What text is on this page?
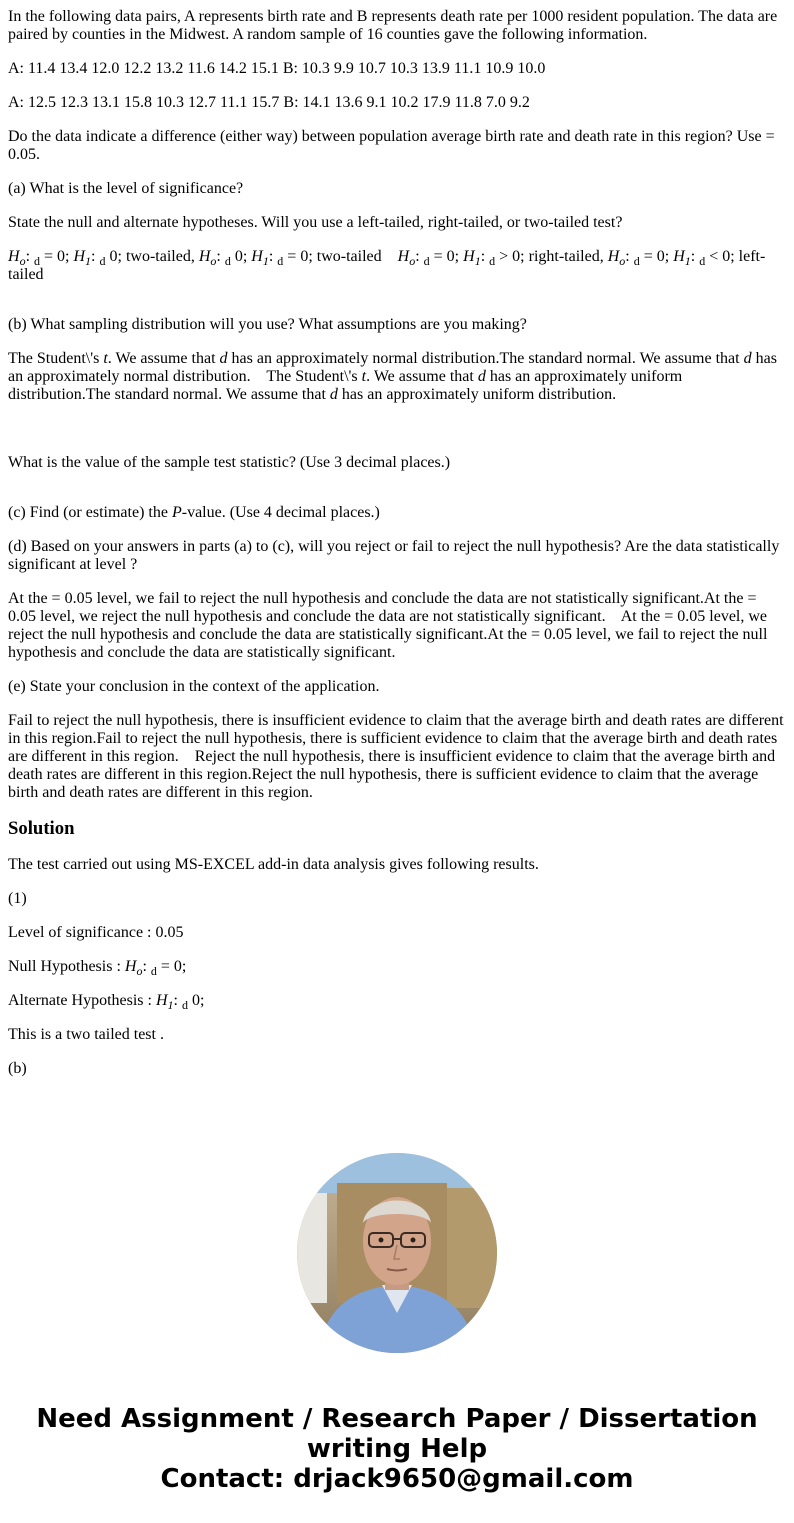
In the following data pairs, A represents birth rate and B represents death rate per 1000 resident population. The data are paired by counties in the Midwest. A random sample of 16 counties gave the following information.

A: 11.4 13.4 12.0 12.2 13.2 11.6 14.2 15.1 B: 10.3 9.9 10.7 10.3 13.9 11.1 10.9 10.0

A: 12.5 12.3 13.1 15.8 10.3 12.7 11.1 15.7 B: 14.1 13.6 9.1 10.2 17.9 11.8 7.0 9.2

Do the data indicate a difference (either way) between population average birth rate and death rate in this region? Use = 0.05.

(a) What is the level of significance?

State the null and alternate hypotheses. Will you use a left-tailed, right-tailed, or two-tailed test?

$H_o$: $_d$ = 0; $H_1$: $_d$ 0; two-tailed, $H_o$: $_d$ 0; $H_1$: $_d$ = 0; two-tailed    $H_o$: $_d$ = 0; $H_1$: $_d$ > 0; right-tailed, $H_o$: $_d$ = 0; $H_1$: $_d$ < 0; left-tailed

(b) What sampling distribution will you use? What assumptions are you making?

The Student\'s t. We assume that d has an approximately normal distribution.The standard normal. We assume that d has an approximately normal distribution.    The Student\'s t. We assume that d has an approximately uniform distribution.The standard normal. We assume that d has an approximately uniform distribution.

What is the value of the sample test statistic? (Use 3 decimal places.)

(c) Find (or estimate) the P-value. (Use 4 decimal places.)

(d) Based on your answers in parts (a) to (c), will you reject or fail to reject the null hypothesis? Are the data statistically significant at level ?

At the = 0.05 level, we fail to reject the null hypothesis and conclude the data are not statistically significant.At the = 0.05 level, we reject the null hypothesis and conclude the data are not statistically significant.    At the = 0.05 level, we reject the null hypothesis and conclude the data are statistically significant.At the = 0.05 level, we fail to reject the null hypothesis and conclude the data are statistically significant.

(e) State your conclusion in the context of the application.

Fail to reject the null hypothesis, there is insufficient evidence to claim that the average birth and death rates are different in this region.Fail to reject the null hypothesis, there is sufficient evidence to claim that the average birth and death rates are different in this region.    Reject the null hypothesis, there is insufficient evidence to claim that the average birth and death rates are different in this region.Reject the null hypothesis, there is sufficient evidence to claim that the average birth and death rates are different in this region.

Solution

The test carried out using MS-EXCEL add-in data analysis gives following results.

(1)

Level of significance : 0.05

Null Hypothesis : $H_o$: $_d$ = 0;

Alternate Hypothesis : $H_1$: $_d$ 0;

This is a two tailed test .

(b)

Need Assignment / Research Paper / Dissertation
writing Help
Contact: drjack9650@gmail.com
